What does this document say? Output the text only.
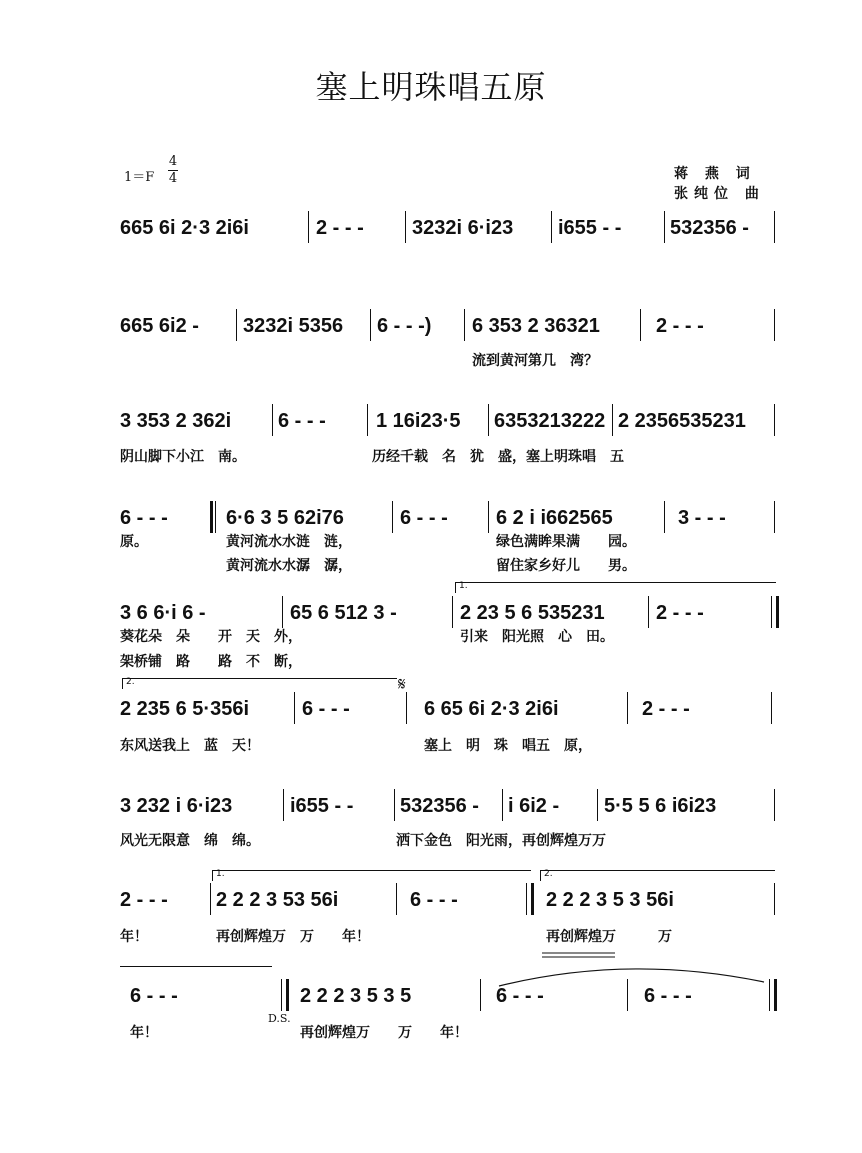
塞上明珠唱五原
1＝F
4
4	蒋 燕 词
张纯位 曲
665 6i 2·3 2i6i	2 - - - 3232i 6·i23 i655 - - 532356 -
665 6i2 - 3232i 5356 6 - - -) 6 353 2 36321	2 - - -
流到黄河第几　湾？
3 353 2 362i 6 - - -	1 16i23·5 6353213222 2 2356535231
阴山脚下小江　南。	历经千载　名　犹　盛，塞上明珠唱　五
6 - - -	6·6 3 5 62i76	6 - - - 6 2 i i662565	3 - - -
原。	黄河流水水涟　涟，	绿色满眸果满　　园。
黄河流水水潺　潺，	留住家乡好儿　　男。
1.
3 6 6·i 6 -	65 6 512 3 -	2 23 5 6 535231	2 - - -
葵花朵　朵　　开　天　外，	引来　阳光照　心　田。
架桥铺　路　　路　不　断，
2.	𝄋
2 235 6 5·356i	6 - - -	6 65 6i 2·3 2i6i	2 - - -
东风送我上　蓝　天！	塞上　明　珠　唱五　原，
3 232 i 6·i23	i655 - - 532356 - i 6i2 - 5·5 5 6 i6i23
风光无限意　绵　绵。	洒下金色　阳光雨，再创辉煌万万
1.	2.
2 - - - 2 2 2 3 53 56i	6 - - -	2 2 2 3 5 3 56i
年！	再创辉煌万　万　　年！	再创辉煌万　　　万
6 - - -	2 2 2 3 5 3 5	6 - - -	6 - - -
D.S.
年！	再创辉煌万　　万　　年！
